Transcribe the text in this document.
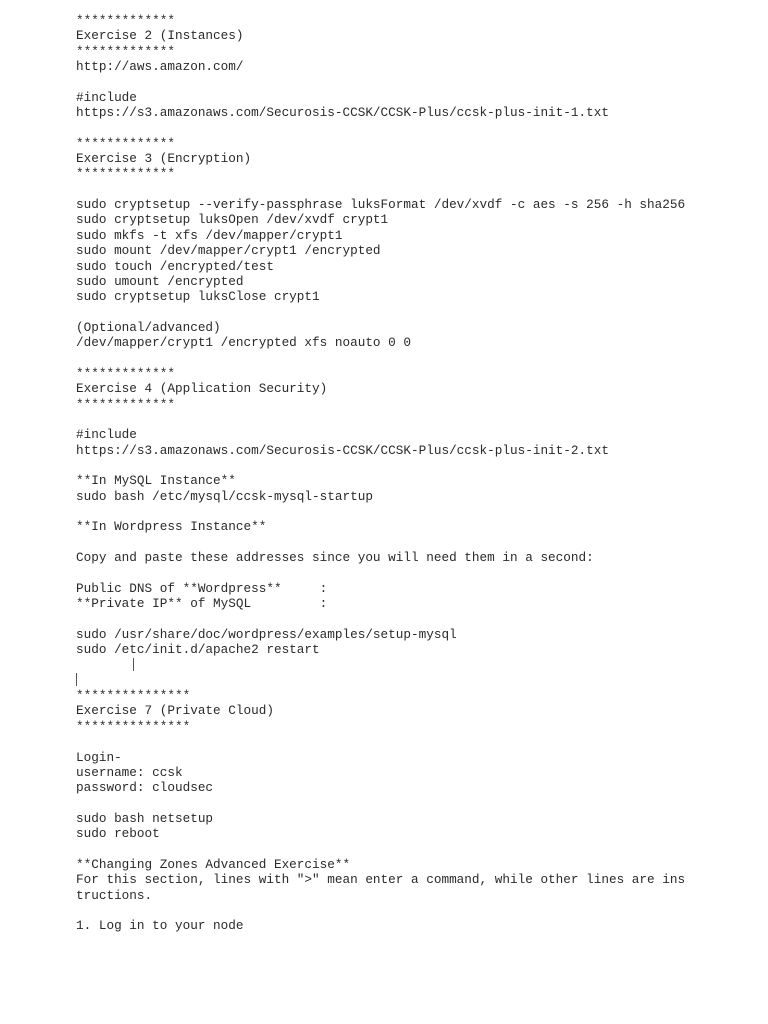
*************
Exercise 2 (Instances)
*************
http://aws.amazon.com/
#include
https://s3.amazonaws.com/Securosis-CCSK/CCSK-Plus/ccsk-plus-init-1.txt
*************
Exercise 3 (Encryption)
*************
sudo cryptsetup --verify-passphrase luksFormat /dev/xvdf -c aes -s 256 -h sha256
sudo cryptsetup luksOpen /dev/xvdf crypt1
sudo mkfs -t xfs /dev/mapper/crypt1
sudo mount /dev/mapper/crypt1 /encrypted
sudo touch /encrypted/test
sudo umount /encrypted
sudo cryptsetup luksClose crypt1
(Optional/advanced)
/dev/mapper/crypt1 /encrypted xfs noauto 0 0
*************
Exercise 4 (Application Security)
*************
#include
https://s3.amazonaws.com/Securosis-CCSK/CCSK-Plus/ccsk-plus-init-2.txt
**In MySQL Instance**
sudo bash /etc/mysql/ccsk-mysql-startup
**In Wordpress Instance**
Copy and paste these addresses since you will need them in a second:
Public DNS of **Wordpress**     :
**Private IP** of MySQL         :
sudo /usr/share/doc/wordpress/examples/setup-mysql
sudo /etc/init.d/apache2 restart
***************
Exercise 7 (Private Cloud)
***************
Login-
username: ccsk
password: cloudsec
sudo bash netsetup
sudo reboot
**Changing Zones Advanced Exercise**
For this section, lines with ">" mean enter a command, while other lines are ins
tructions.
1. Log in to your node
